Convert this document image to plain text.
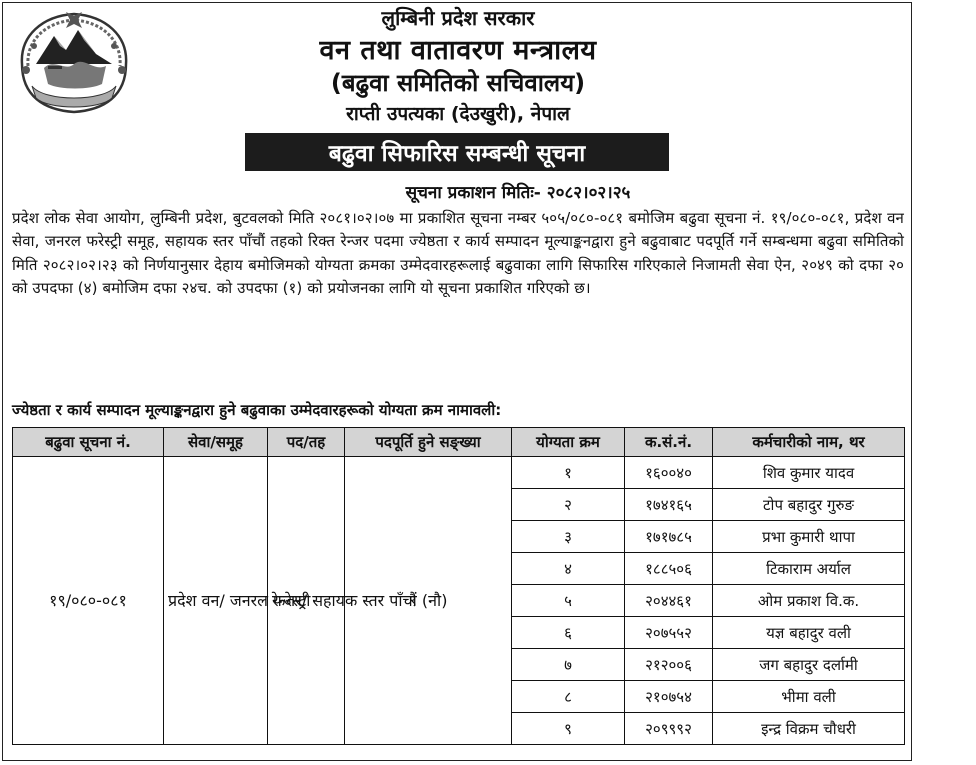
लुम्बिनी प्रदेश सरकार
वन तथा वातावरण मन्त्रालय
(बढुवा समितिको सचिवालय)
राप्ती उपत्यका (देउखुरी), नेपाल
बढुवा सिफारिस सम्बन्धी सूचना
सूचना प्रकाशन मितिः- २०८२।०२।२५
प्रदेश लोक सेवा आयोग, लुम्बिनी प्रदेश, बुटवलको मिति २०८१।०२।०७ मा प्रकाशित सूचना नम्बर ५०५/०८०-०८१ बमोजिम बढुवा सूचना नं. १९/०८०-०८१, प्रदेश वन सेवा, जनरल फरेस्ट्री समूह, सहायक स्तर पाँचौं तहको रिक्त रेन्जर पदमा ज्येष्ठता र कार्य सम्पादन मूल्याङ्कनद्वारा हुने बढुवाबाट पदपूर्ति गर्ने सम्बन्धमा बढुवा समितिको मिति २०८२।०२।२३ को निर्णयानुसार देहाय बमोजिमको योग्यता क्रमका उम्मेदवारहरूलाई बढुवाका लागि सिफारिस गरिएकाले निजामती सेवा ऐन, २०४९ को दफा २० को उपदफा (४) बमोजिम दफा २४च. को उपदफा (१) को प्रयोजनका लागि यो सूचना प्रकाशित गरिएको छ।
ज्येष्ठता र कार्य सम्पादन मूल्याङ्कनद्वारा हुने बढुवाका उम्मेदवारहरूको योग्यता क्रम नामावली:
बढुवा सूचना नं.	सेवा/समूह	पद/तह	पदपूर्ति हुने सङ्ख्या	योग्यता क्रम	क.सं.नं.	कर्मचारीको नाम, थर
१९/०८०-०८१	प्रदेश वन/ जनरल फरेस्ट्री	रेन्जर/ सहायक स्तर पाँचौं	९ (नौ)	१	१६००४०	शिव कुमार यादव
				२	१७४१६५	टोप बहादुर गुरुङ
				३	१७१७८५	प्रभा कुमारी थापा
				४	१८८५०६	टिकाराम अर्याल
				५	२०४४६१	ओम प्रकाश वि.क.
				६	२०७५५२	यज्ञ बहादुर वली
				७	२१२००६	जग बहादुर दर्लामी
				८	२१०७५४	भीमा वली
				९	२०९९९२	इन्द्र विक्रम चौधरी
